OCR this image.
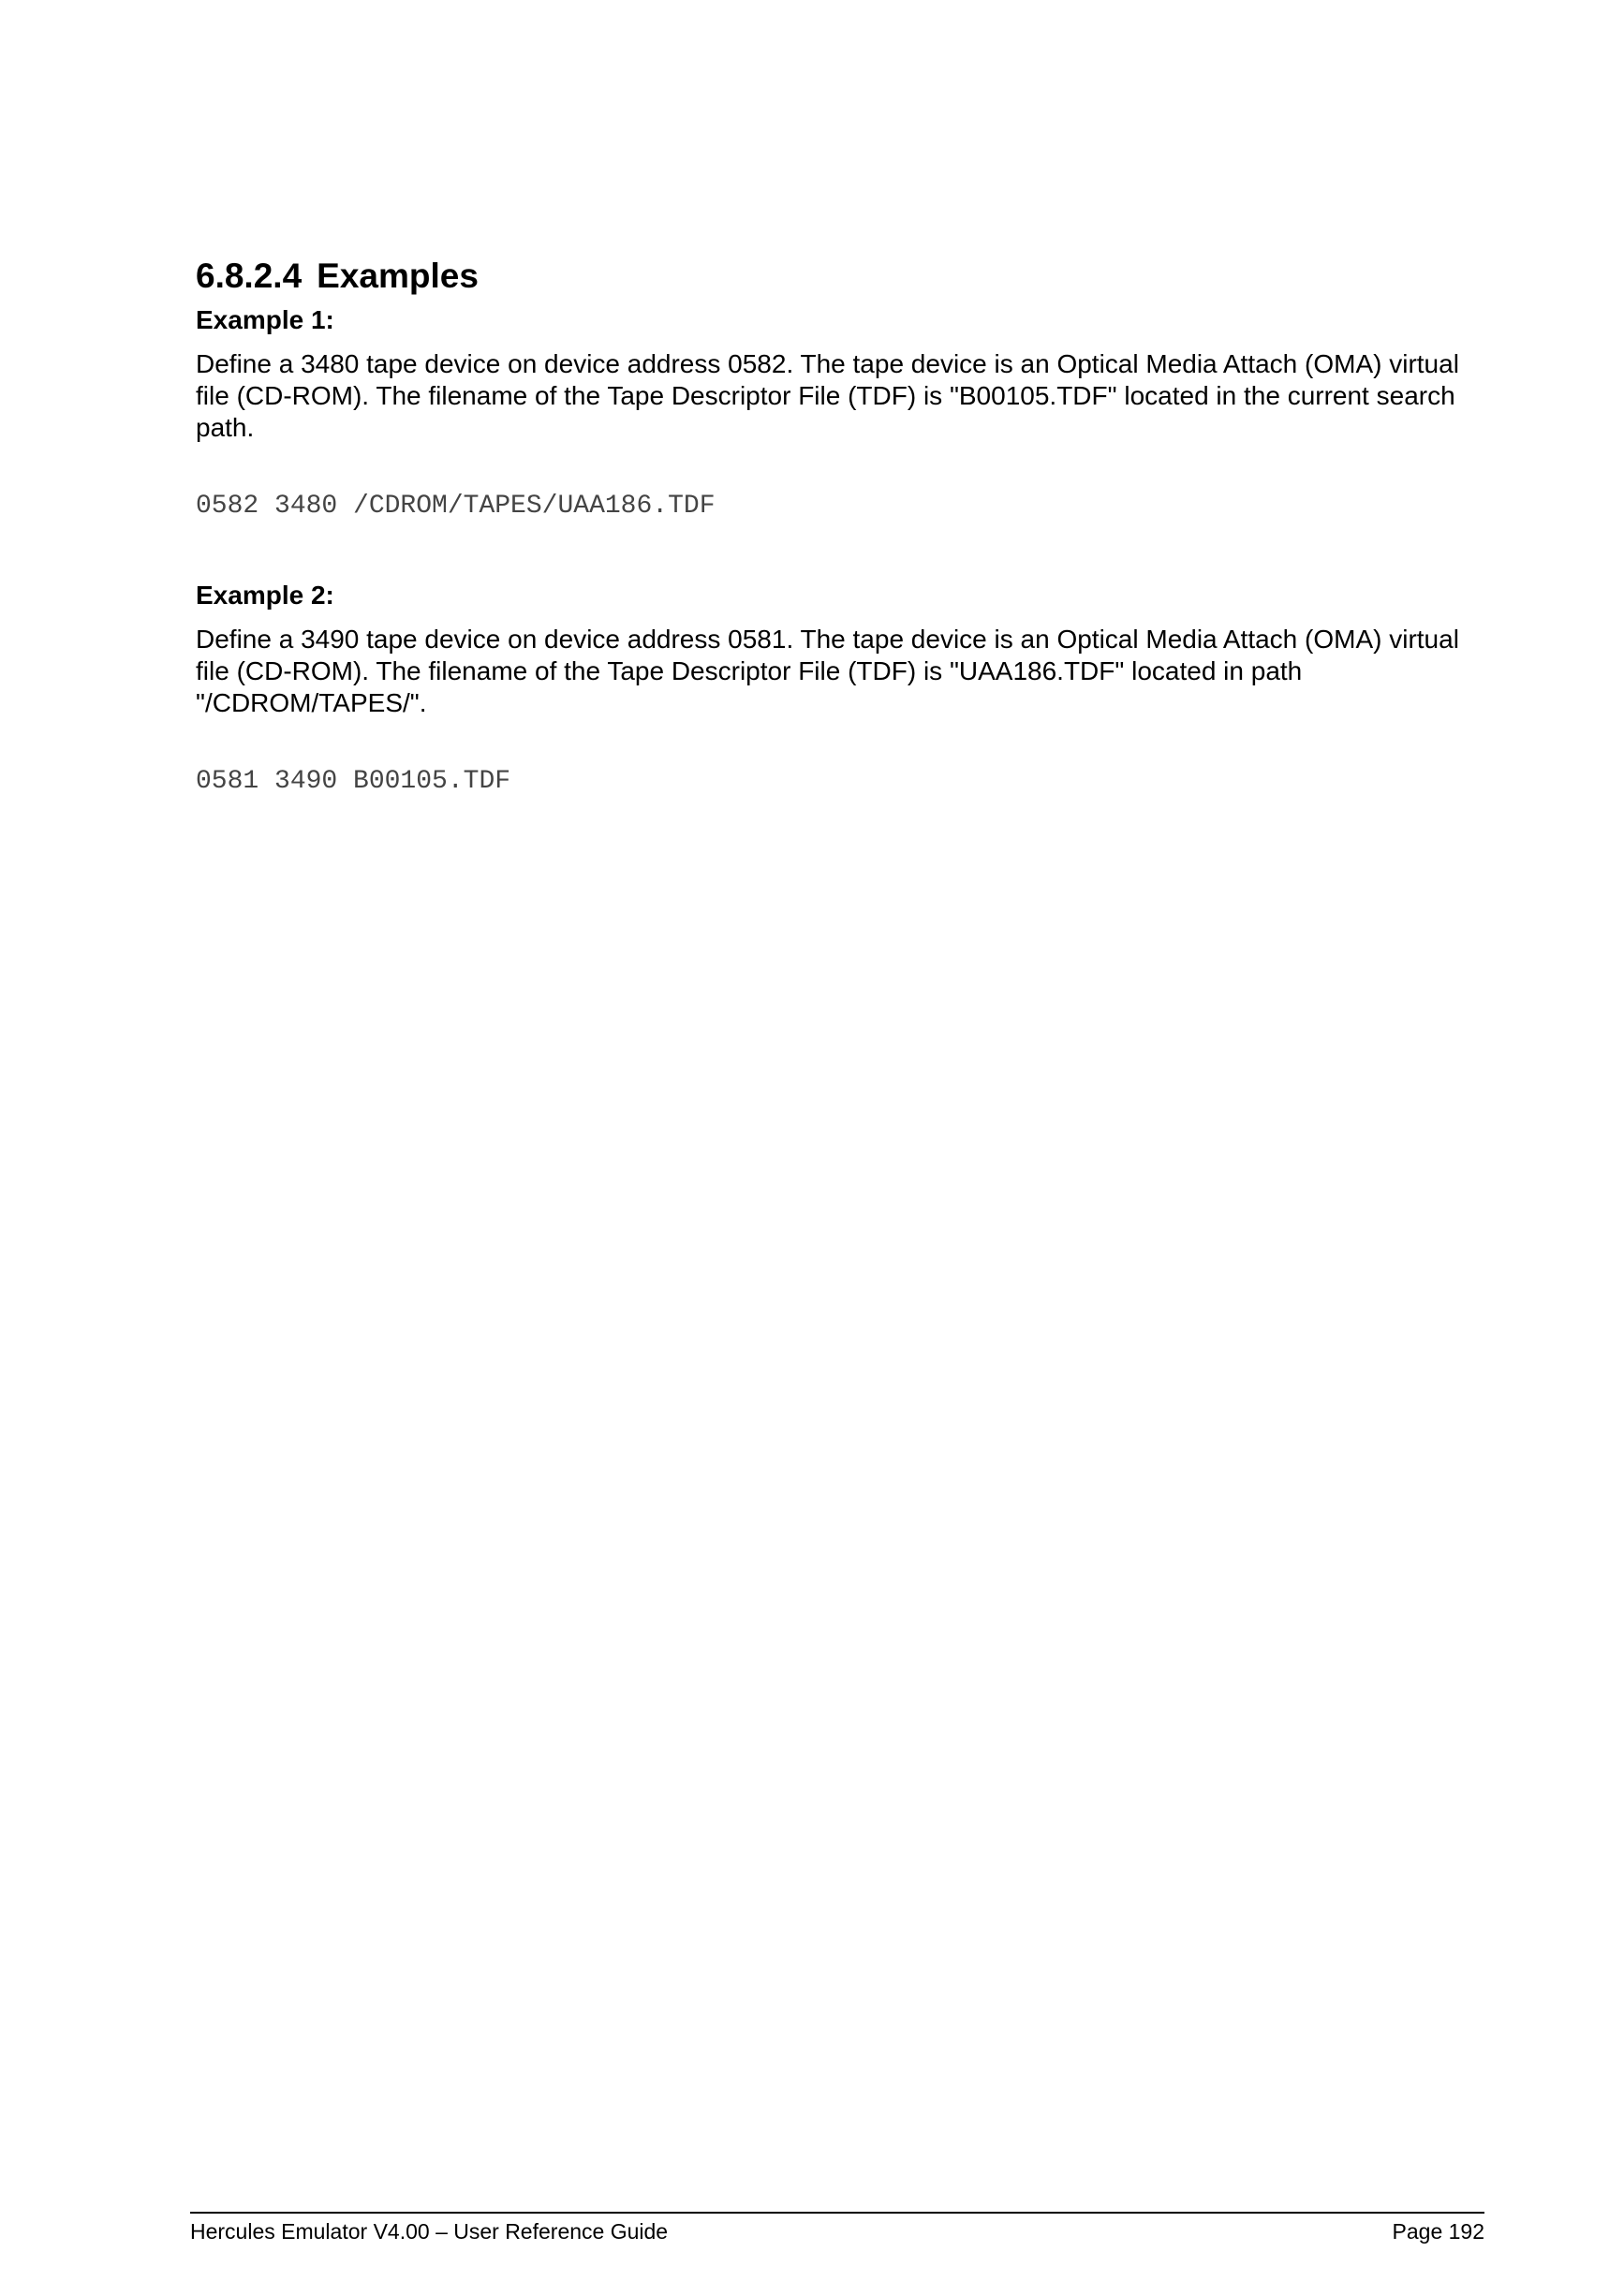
6.8.2.4 Examples
Example 1:

Define a 3480 tape device on device address 0582. The tape device is an Optical Media Attach (OMA) virtual file (CD-ROM). The filename of the Tape Descriptor File (TDF) is "B00105.TDF" located in the current search path.

0582 3480 /CDROM/TAPES/UAA186.TDF

Example 2:

Define a 3490 tape device on device address 0581. The tape device is an Optical Media Attach (OMA) virtual file (CD-ROM). The filename of the Tape Descriptor File (TDF) is "UAA186.TDF" located in path "/CDROM/TAPES/".

0581 3490 B00105.TDF

Hercules Emulator V4.00 – User Reference Guide	Page 192
